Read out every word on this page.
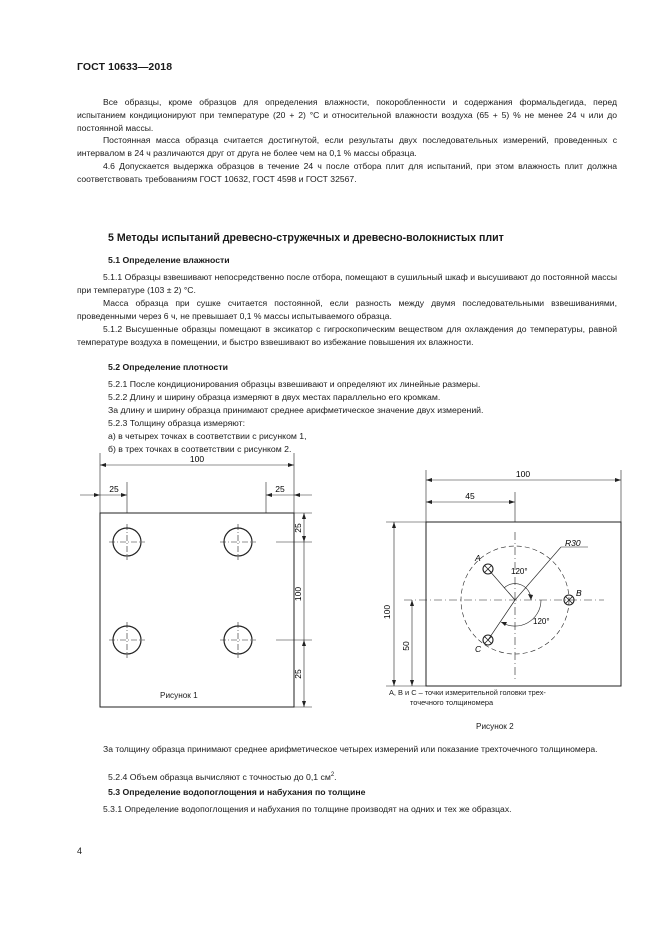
ГОСТ 10633—2018
Все образцы, кроме образцов для определения влажности, покоробленности и содержания формальдегида, перед испытанием кондиционируют при температуре (20 + 2) °С и относительной влажности воздуха (65 + 5) % не менее 24 ч или до постоянной массы.
Постоянная масса образца считается достигнутой, если результаты двух последовательных измерений, проведенных с интервалом в 24 ч различаются друг от друга не более чем на 0,1 % массы образца.
4.6 Допускается выдержка образцов в течение 24 ч после отбора плит для испытаний, при этом влажность плит должна соответствовать требованиям ГОСТ 10632, ГОСТ 4598 и ГОСТ 32567.
5 Методы испытаний древесно-стружечных и древесно-волокнистых плит
5.1 Определение влажности
5.1.1 Образцы взвешивают непосредственно после отбора, помещают в сушильный шкаф и высушивают до постоянной массы при температуре (103 ± 2) °С.
Масса образца при сушке считается постоянной, если разность между двумя последовательными взвешиваниями, проведенными через 6 ч, не превышает 0,1 % массы испытываемого образца.
5.1.2 Высушенные образцы помещают в эксикатор с гигроскопическим веществом для охлаждения до температуры, равной температуре воздуха в помещении, и быстро взвешивают во избежание повышения их влажности.
5.2 Определение плотности
5.2.1 После кондиционирования образцы взвешивают и определяют их линейные размеры.
5.2.2 Длину и ширину образца измеряют в двух местах параллельно его кромкам.
За длину и ширину образца принимают среднее арифметическое значение двух измерений.
5.2.3 Толщину образца измеряют:
а) в четырех точках в соответствии с рисунком 1,
б) в трех точках в соответствии с рисунком 2.
100
25	25
25
100
25
Рисунок 1
100
45
100
50
R30
120°
120°
A
B
C
А, В и С – точки измерительной головки трех-
точечного толщиномера
Рисунок 2
За толщину образца принимают среднее арифметическое четырех измерений или показание трехточечного толщиномера.
5.2.4 Объем образца вычисляют с точностью до 0,1 $см^2$.
5.3 Определение водопоглощения и набухания по толщине
5.3.1 Определение водопоглощения и набухания по толщине производят на одних и тех же образцах.
4
